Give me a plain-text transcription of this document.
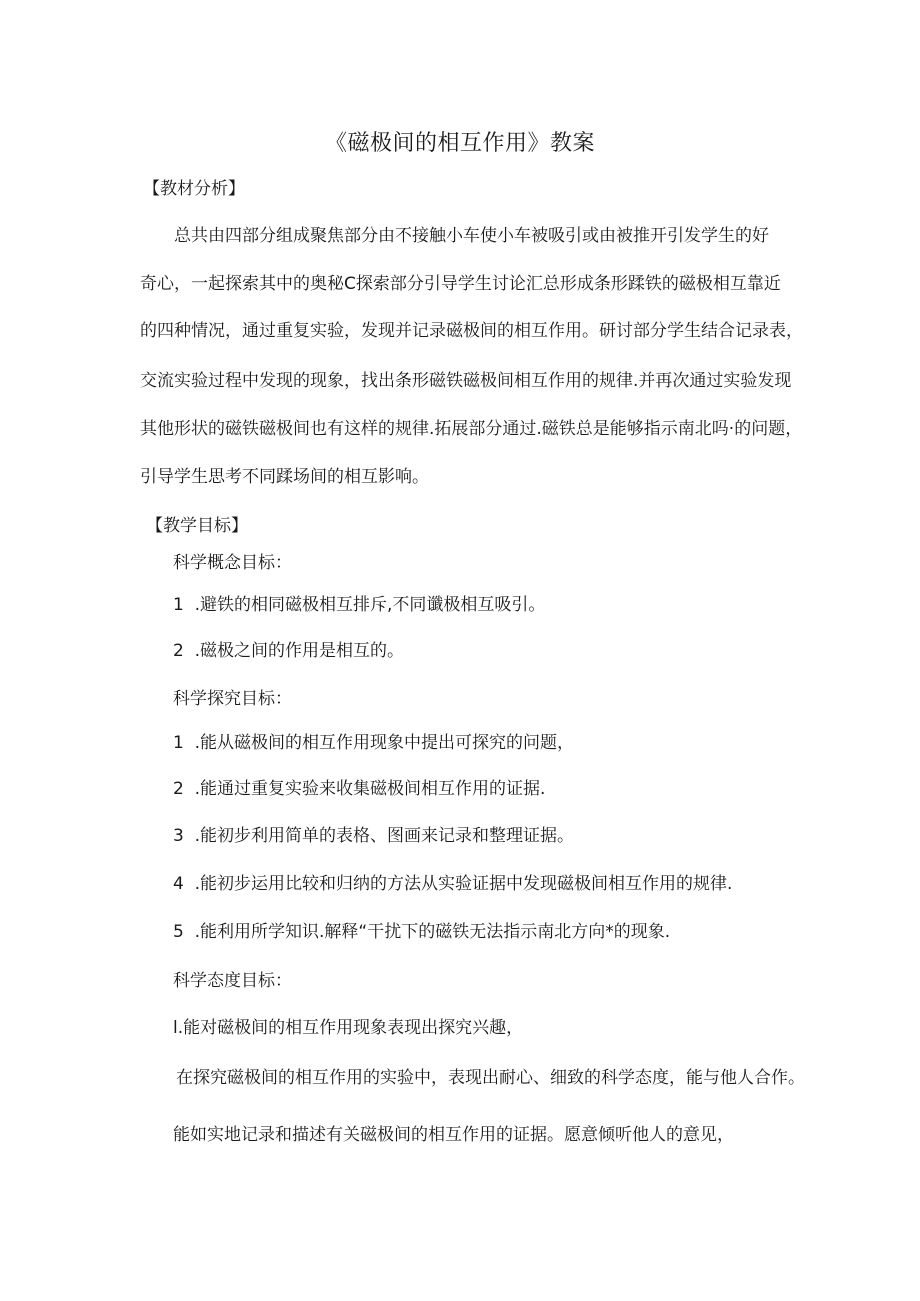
《磁极间的相互作用》教案
【教材分析】
总共由四部分组成聚焦部分由不接触小车使小车被吸引或由被推开引发学生的好
奇心，一起探索其中的奥秘C探索部分引导学生讨论汇总形成条形蹂铁的磁极相互靠近
的四种情况，通过重复实验，发现并记录磁极间的相互作用。研讨部分学生结合记录表，
交流实验过程中发现的现象，找出条形磁铁磁极间相互作用的规律.并再次通过实验发现
其他形状的磁铁磁极间也有这样的规律.拓展部分通过.磁铁总是能够指示南北吗·的问题，
引导学生思考不同蹂场间的相互影响。
【教学目标】
科学概念目标：
1  .避铁的相同磁极相互排斥,不同谶极相互吸引。
2  .磁极之间的作用是相互的。
科学探究目标：
1  .能从磁极间的相互作用现象中提出可探究的问题，
2  .能通过重复实验来收集磁极间相互作用的证据.
3  .能初步利用简单的表格、图画来记录和整理证据。
4  .能初步运用比较和归纳的方法从实验证据中发现磁极间相互作用的规律.
5  .能利用所学知识.解释“干扰下的磁铁无法指示南北方向*的现象.
科学态度目标：
l.能对磁极间的相互作用现象表现出探究兴趣，
在探究磁极间的相互作用的实验中，表现出耐心、细致的科学态度，能与他人合作。
能如实地记录和描述有关磁极间的相互作用的证据。愿意倾听他人的意见，
